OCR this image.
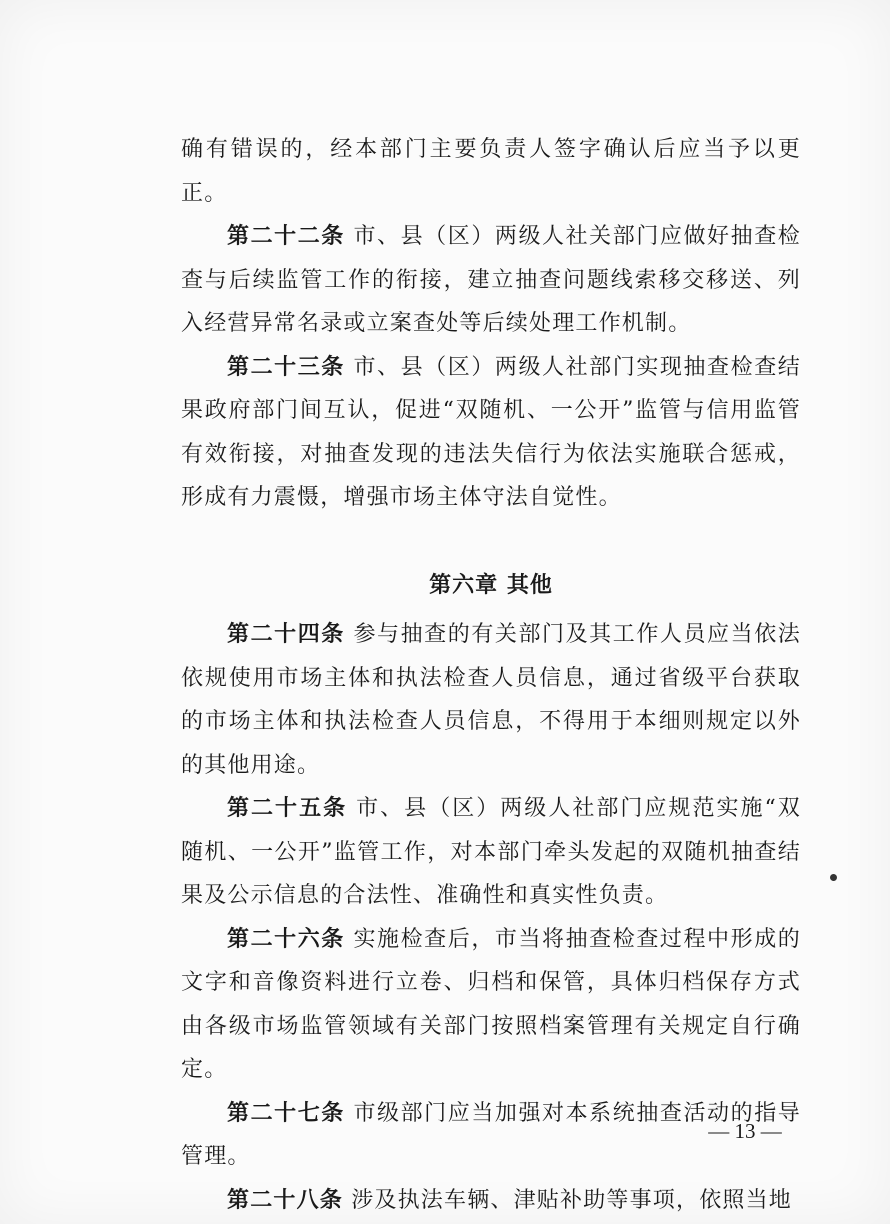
确有错误的，经本部门主要负责人签字确认后应当予以更正。

第二十二条 市、县（区）两级人社关部门应做好抽查检查与后续监管工作的衔接，建立抽查问题线索移交移送、列入经营异常名录或立案查处等后续处理工作机制。

第二十三条 市、县（区）两级人社部门实现抽查检查结果政府部门间互认，促进“双随机、一公开”监管与信用监管有效衔接，对抽查发现的违法失信行为依法实施联合惩戒，形成有力震慑，增强市场主体守法自觉性。

第六章 其他

第二十四条 参与抽查的有关部门及其工作人员应当依法依规使用市场主体和执法检查人员信息，通过省级平台获取的市场主体和执法检查人员信息，不得用于本细则规定以外的其他用途。

第二十五条 市、县（区）两级人社部门应规范实施“双随机、一公开”监管工作，对本部门牵头发起的双随机抽查结果及公示信息的合法性、准确性和真实性负责。

第二十六条 实施检查后，市当将抽查检查过程中形成的文字和音像资料进行立卷、归档和保管，具体归档保存方式由各级市场监管领域有关部门按照档案管理有关规定自行确定。

第二十七条 市级部门应当加强对本系统抽查活动的指导管理。

第二十八条 涉及执法车辆、津贴补助等事项，依照当地

— 13 —
